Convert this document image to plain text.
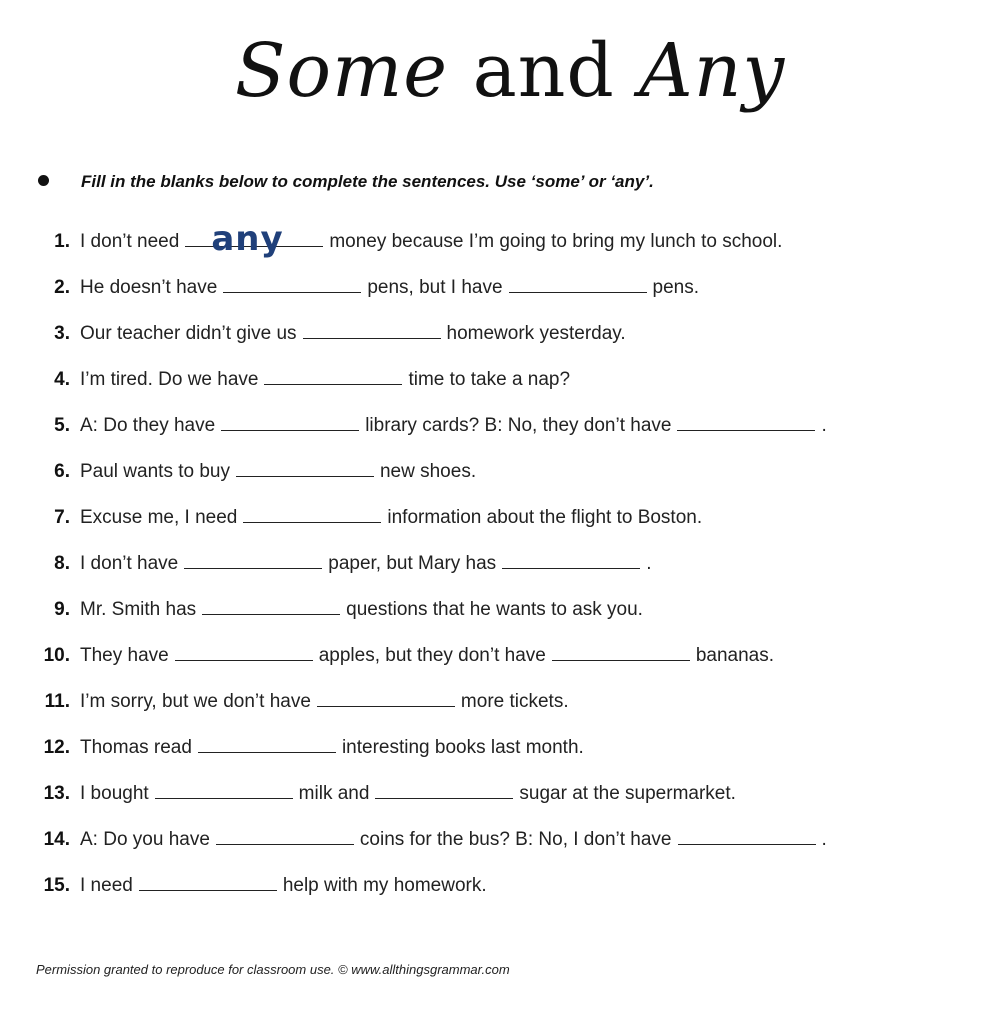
Some and Any
Fill in the blanks below to complete the sentences. Use ‘some’ or ‘any’.
1. I don’t need any money because I’m going to bring my lunch to school.
2. He doesn’t have	pens, but I have	pens.
3. Our teacher didn’t give us	homework yesterday.
4. I’m tired. Do we have	time to take a nap?
5. A: Do they have	library cards? B: No, they don’t have	.
6. Paul wants to buy	new shoes.
7. Excuse me, I need	information about the flight to Boston.
8. I don’t have	paper, but Mary has	.
9. Mr. Smith has	questions that he wants to ask you.
10. They have	apples, but they don’t have	bananas.
11. I’m sorry, but we don’t have	more tickets.
12. Thomas read	interesting books last month.
13. I bought	milk and	sugar at the supermarket.
14. A: Do you have	coins for the bus? B: No, I don’t have	.
15. I need	help with my homework.
Permission granted to reproduce for classroom use. © www.allthingsgrammar.com
